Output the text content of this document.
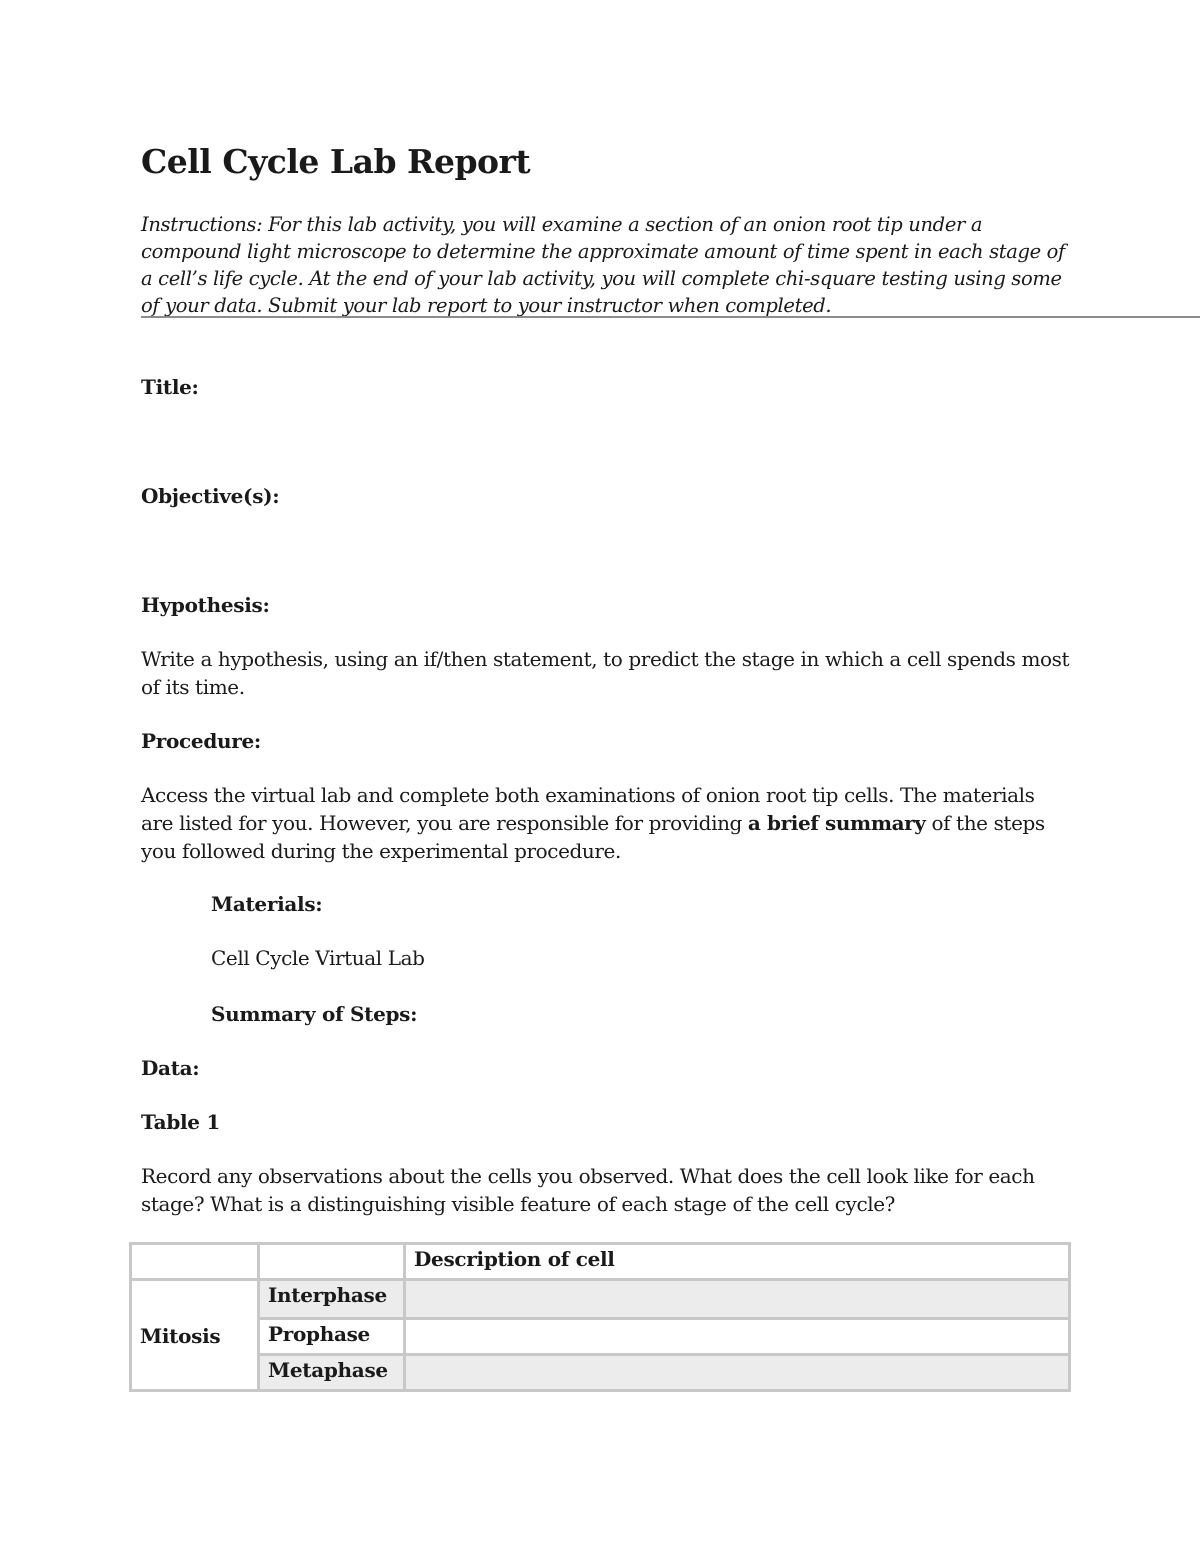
Cell Cycle Lab Report

Instructions: For this lab activity, you will examine a section of an onion root tip under a compound light microscope to determine the approximate amount of time spent in each stage of a cell’s life cycle. At the end of your lab activity, you will complete chi-square testing using some of your data. Submit your lab report to your instructor when completed.

Title:
Objective(s):
Hypothesis:

Write a hypothesis, using an if/then statement, to predict the stage in which a cell spends most of its time.

Procedure:

Access the virtual lab and complete both examinations of onion root tip cells. The materials are listed for you. However, you are responsible for providing a brief summary of the steps you followed during the experimental procedure.

Materials:
Cell Cycle Virtual Lab
Summary of Steps:
Data:
Table 1

Record any observations about the cells you observed. What does the cell look like for each stage? What is a distinguishing visible feature of each stage of the cell cycle?

		Description of cell
Mitosis	Interphase	
	Prophase	
	Metaphase	
